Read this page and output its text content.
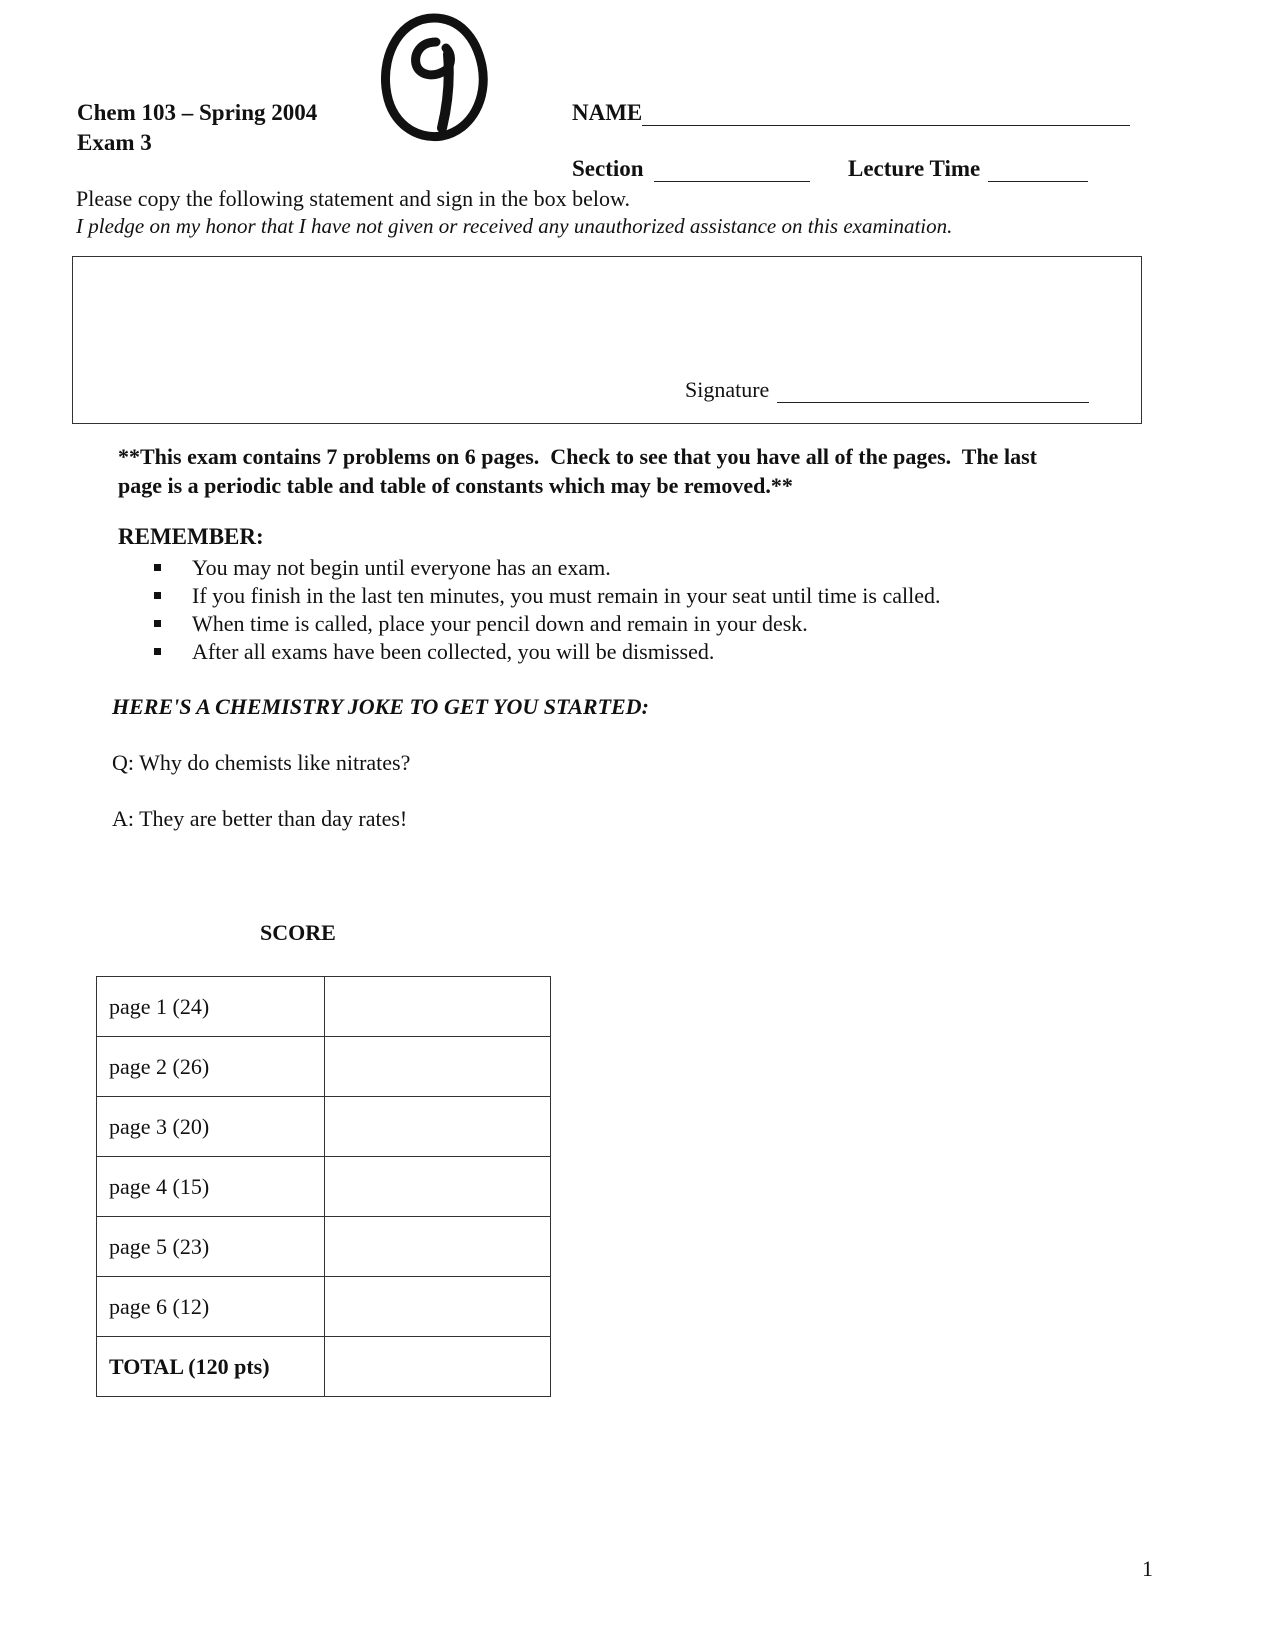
Chem 103 – Spring 2004
Exam 3
NAME
Section	Lecture Time
Please copy the following statement and sign in the box below.
I pledge on my honor that I have not given or received any unauthorized assistance on this examination.
Signature
**This exam contains 7 problems on 6 pages.  Check to see that you have all of the pages.  The last
page is a periodic table and table of constants which may be removed.**
REMEMBER:
You may not begin until everyone has an exam.
If you finish in the last ten minutes, you must remain in your seat until time is called.
When time is called, place your pencil down and remain in your desk.
After all exams have been collected, you will be dismissed.
HERE'S A CHEMISTRY JOKE TO GET YOU STARTED:
Q: Why do chemists like nitrates?
A: They are better than day rates!
SCORE
page 1 (24)	
page 2 (26)	
page 3 (20)	
page 4 (15)	
page 5 (23)	
page 6 (12)	
TOTAL (120 pts)	
1
